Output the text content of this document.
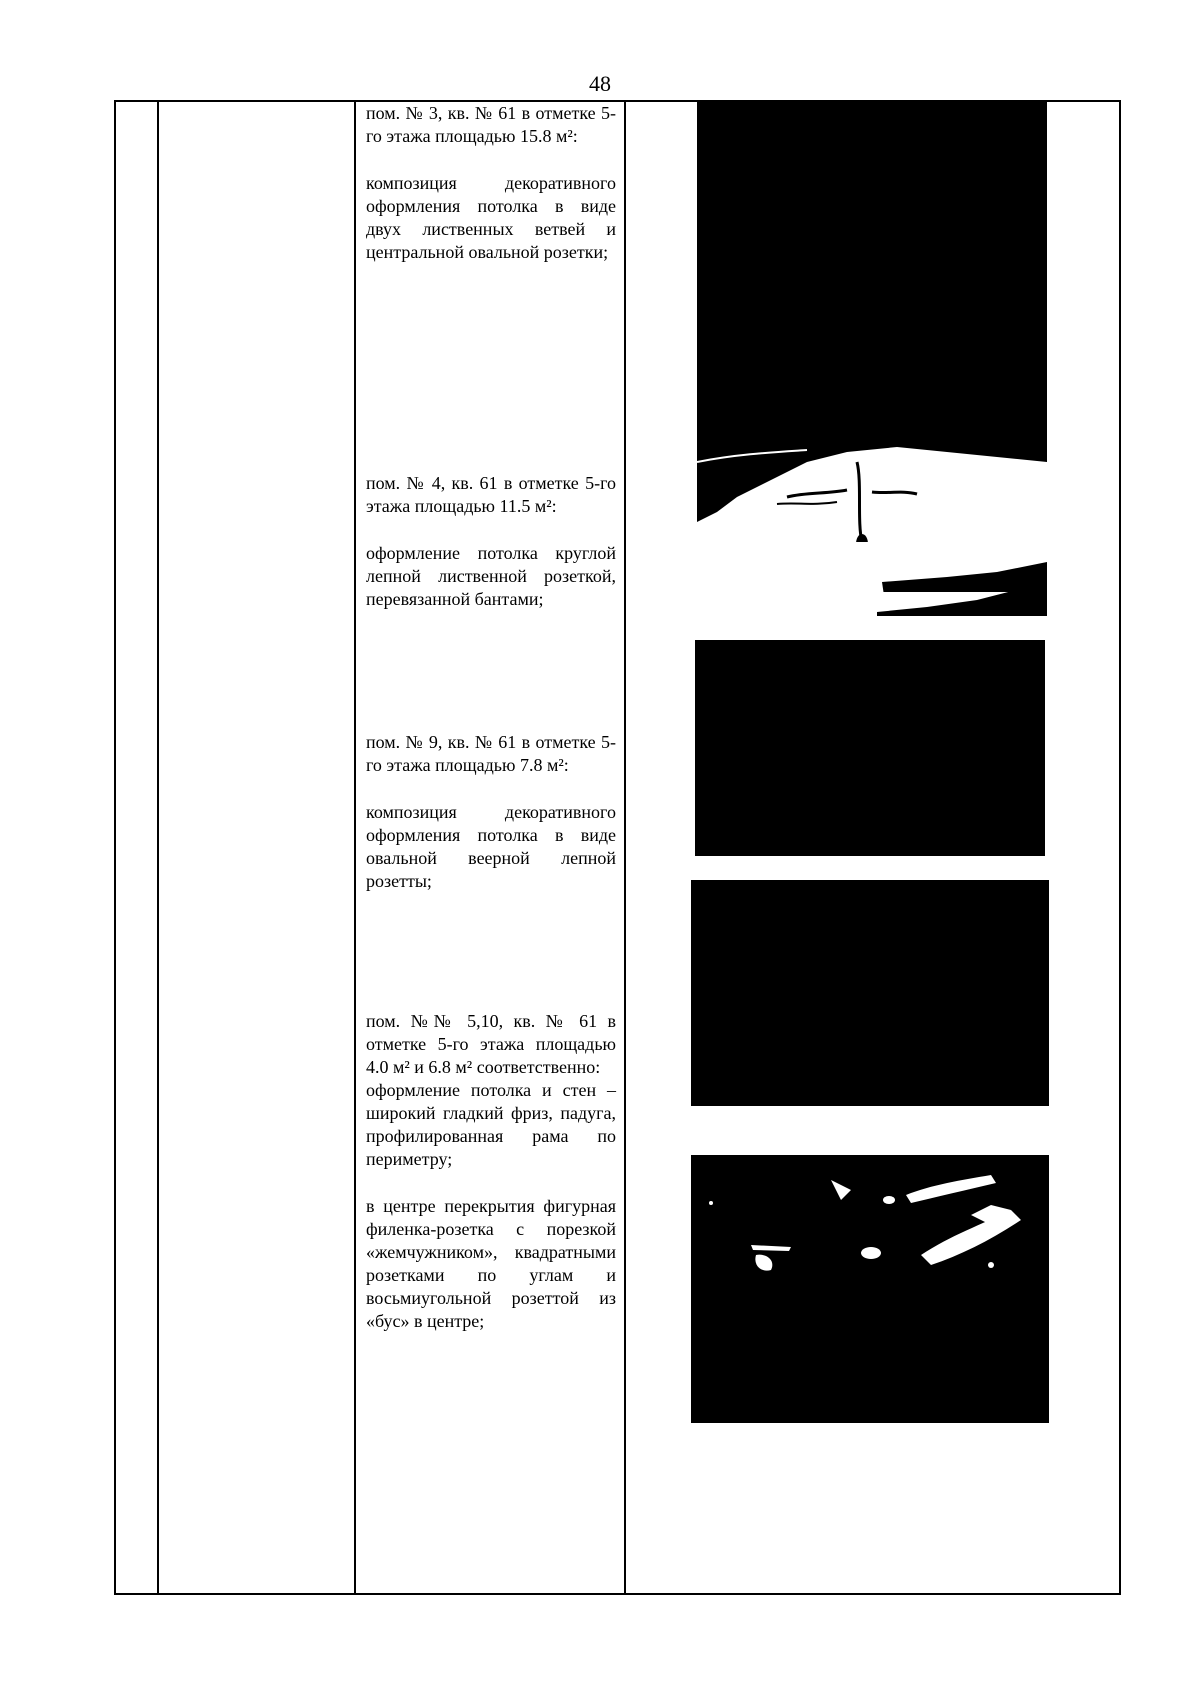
48

пом. № 3, кв. № 61 в отметке 5-го этажа площадью 15.8 м²:

композиция декоративного оформления потолка в виде двух лиственных ветвей и центральной овальной розетки;

пом. № 4, кв. 61 в отметке 5-го этажа площадью 11.5 м²:

оформление потолка круглой лепной лиственной розеткой, перевязанной бантами;

пом. № 9, кв. № 61 в отметке 5-го этажа площадью 7.8 м²:

композиция декоративного оформления потолка в виде овальной веерной лепной розетты;

пом. №№ 5,10, кв. № 61 в отметке 5-го этажа площадью 4.0 м² и 6.8 м² соответственно:

оформление потолка и стен – широкий гладкий фриз, падуга, профилированная рама по периметру;

в центре перекрытия фигурная филенка-розетка с порезкой «жемчужником», квадратными розетками по углам и восьмиугольной розеттой из «бус» в центре;
